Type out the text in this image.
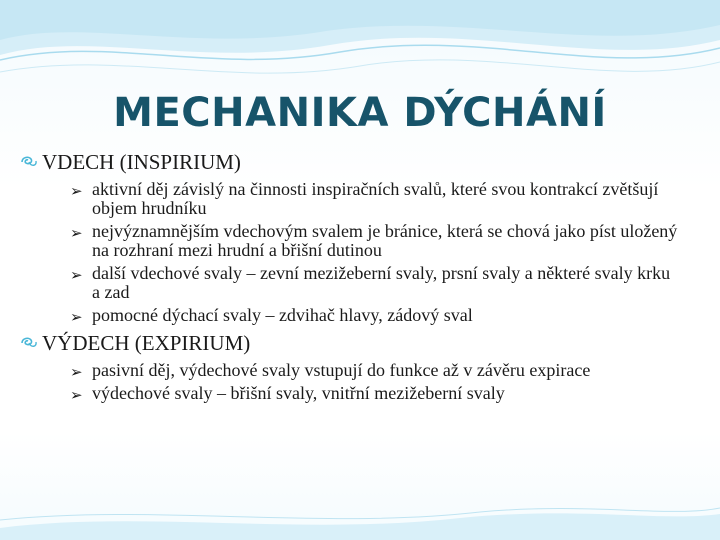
MECHANIKA DÝCHÁNÍ
VDECH (INSPIRIUM)
➢ aktivní děj závislý na činnosti inspiračních svalů, které svou kontrakcí zvětšují objem hrudníku
➢ nejvýznamnějším vdechovým svalem je bránice, která se chová jako píst uložený na rozhraní mezi hrudní a břišní dutinou
➢ další vdechové svaly – zevní mezižeberní svaly, prsní svaly a některé svaly krku a zad
➢ pomocné dýchací svaly – zdvihač hlavy, zádový sval
VÝDECH (EXPIRIUM)
➢ pasivní děj, výdechové svaly vstupují do funkce až v závěru expirace
➢ výdechové svaly – břišní svaly, vnitřní mezižeberní svaly
